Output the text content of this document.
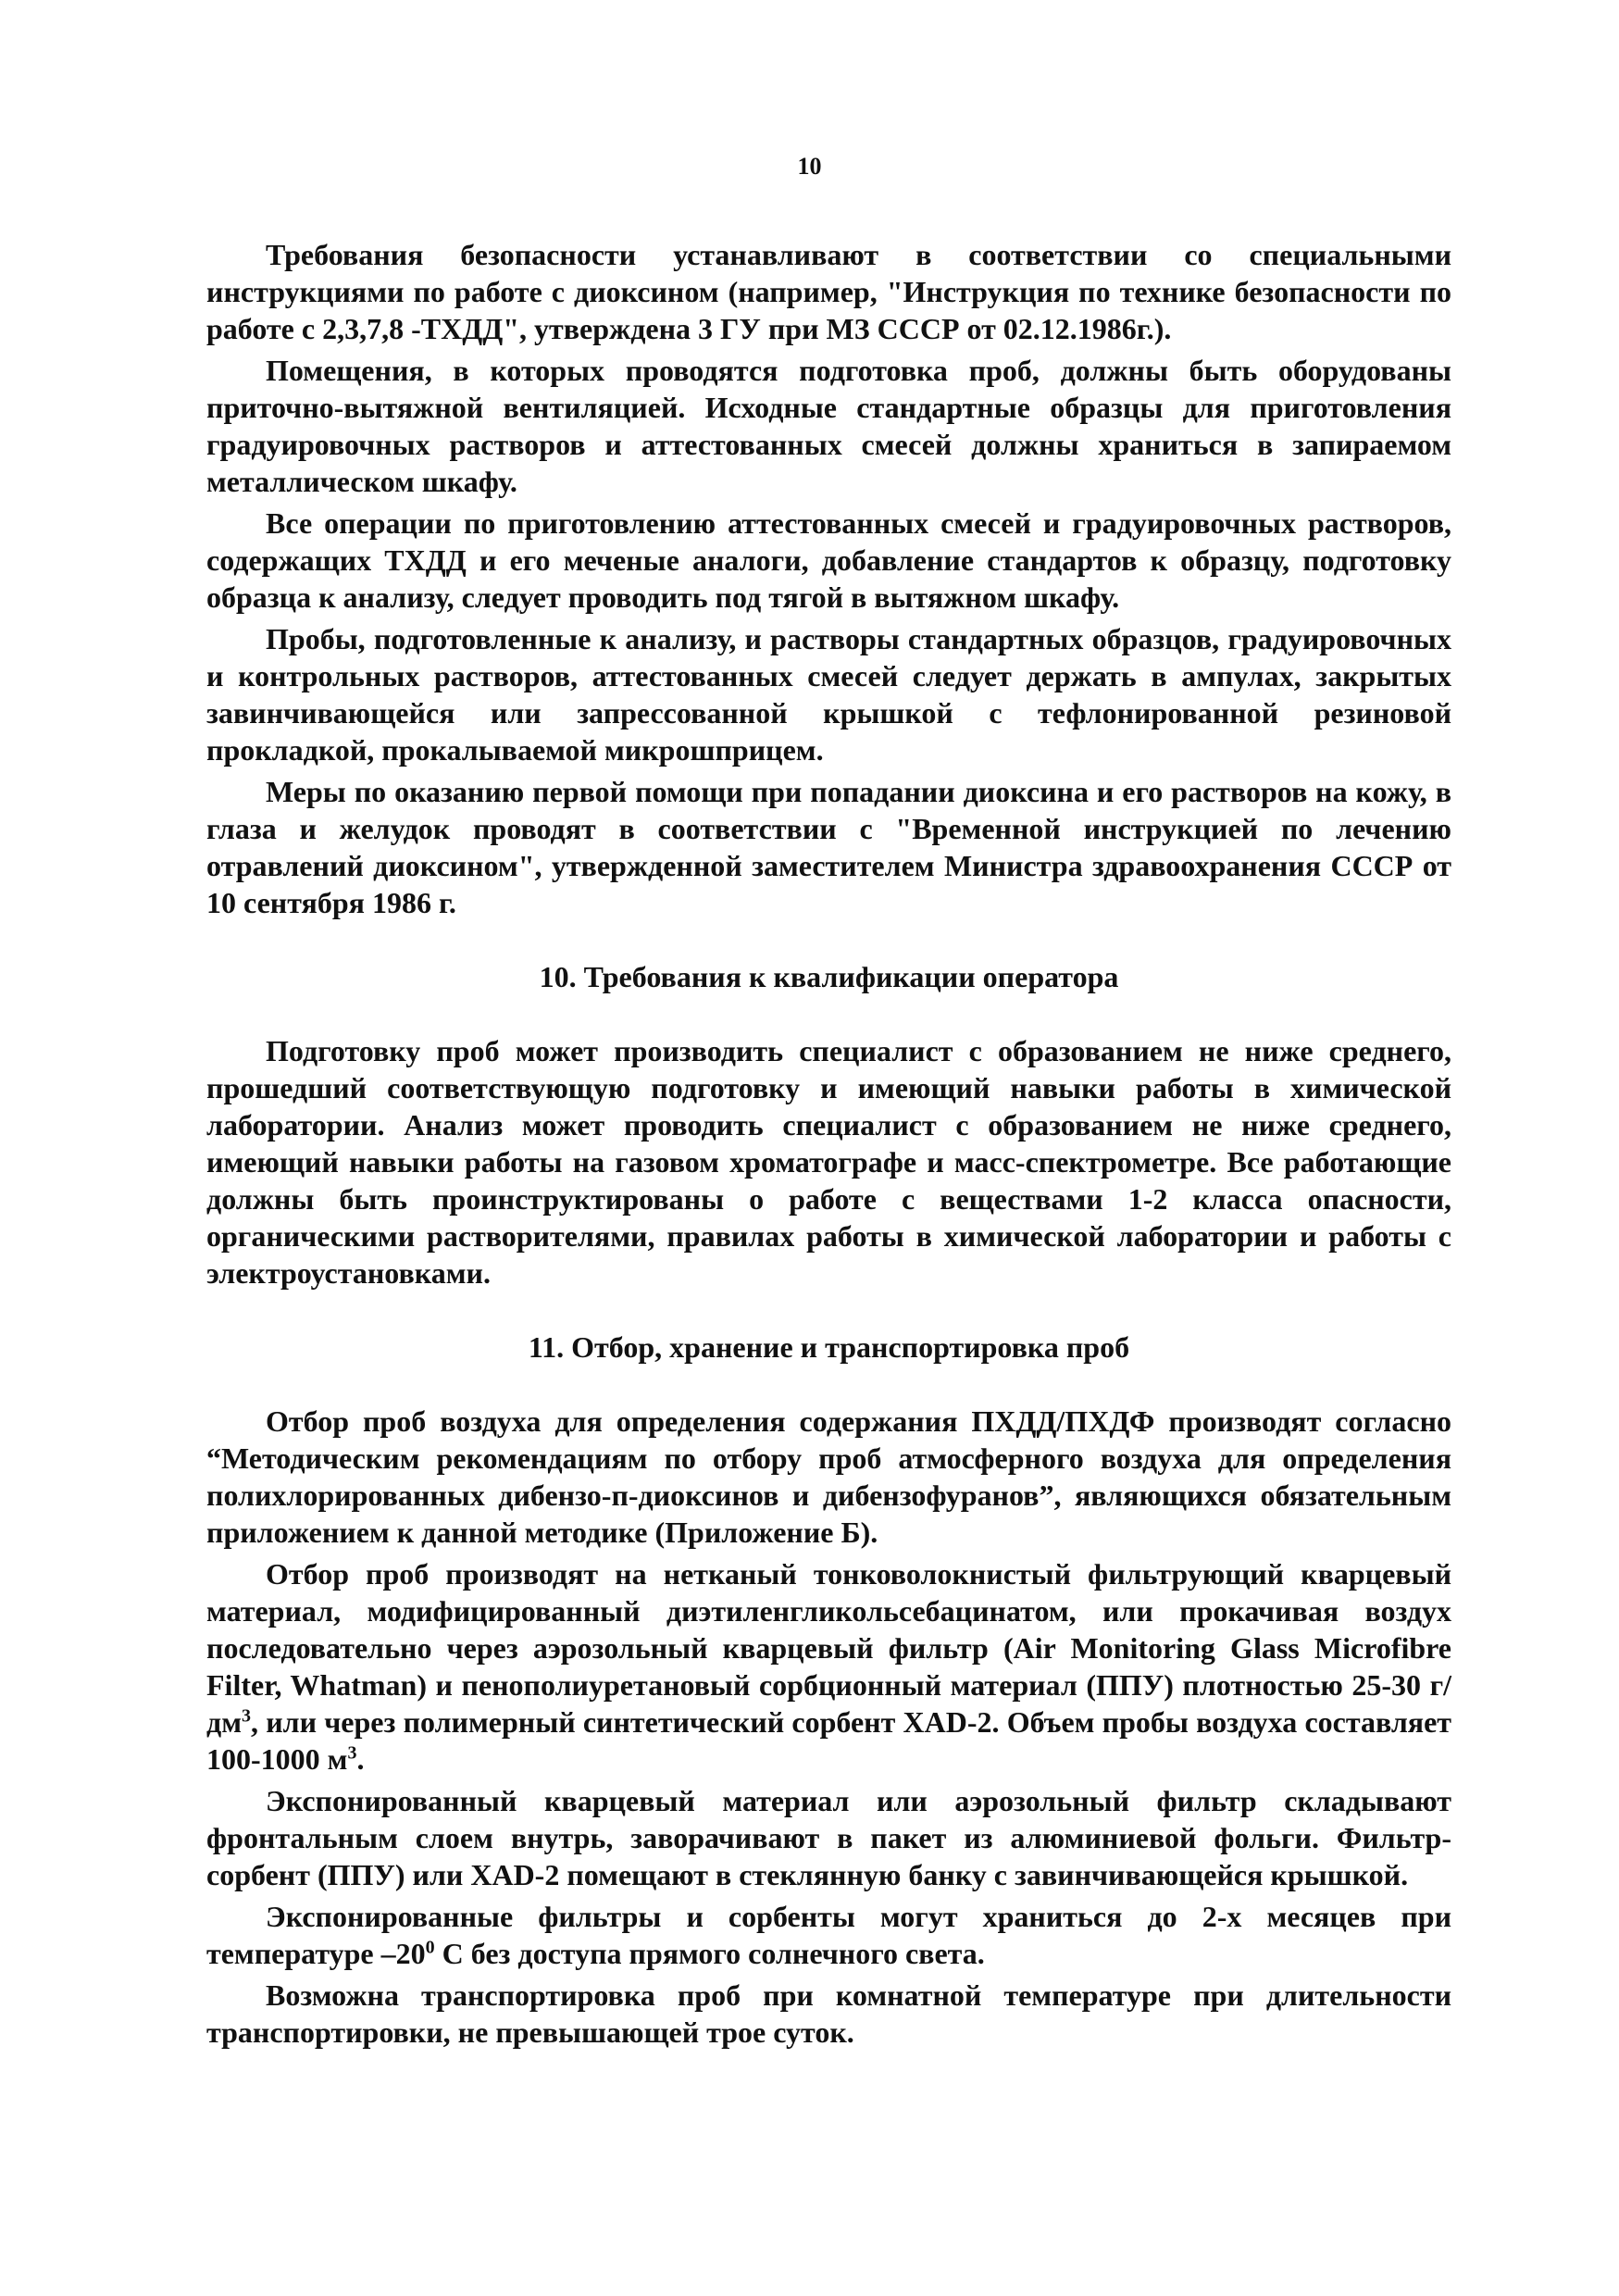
10

Требования безопасности устанавливают в соответствии со специальными инструкциями по работе с диоксином (например, "Инструкция по технике безопасности по работе с 2,3,7,8 -ТХДД", утверждена 3 ГУ при МЗ СССР от 02.12.1986г.).

Помещения, в которых проводятся подготовка проб, должны быть оборудованы приточно-вытяжной вентиляцией. Исходные стандартные образцы для приготовления градуировочных растворов и аттестованных смесей должны храниться в запираемом металлическом шкафу.

Все операции по приготовлению аттестованных смесей и градуировочных растворов, содержащих ТХДД и его меченые аналоги, добавление стандартов к образцу, подготовку образца к анализу, следует проводить под тягой в вытяжном шкафу.

Пробы, подготовленные к анализу, и растворы стандартных образцов, градуировочных и контрольных растворов, аттестованных смесей следует держать в ампулах, закрытых завинчивающейся или запрессованной крышкой с тефлонированной резиновой прокладкой, прокалываемой микрошприцем.

Меры по оказанию первой помощи при попадании диоксина и его растворов на кожу, в глаза и желудок проводят в соответствии с "Временной инструкцией по лечению отравлений диоксином", утвержденной заместителем Министра здравоохранения СССР от 10 сентября 1986 г.

10. Требования к квалификации оператора

Подготовку проб может производить специалист с образованием не ниже среднего, прошедший соответствующую подготовку и имеющий навыки работы в химической лаборатории. Анализ может проводить специалист с образованием не ниже среднего, имеющий навыки работы на газовом хроматографе и масс-спектрометре. Все работающие должны быть проинструктированы о работе с веществами 1-2 класса опасности, органическими растворителями, правилах работы в химической лаборатории и работы с электроустановками.

11. Отбор, хранение и транспортировка проб

Отбор проб воздуха для определения содержания ПХДД/ПХДФ производят согласно “Методическим рекомендациям по отбору проб атмосферного воздуха для определения полихлорированных дибензо-п-диоксинов и дибензофуранов”, являющихся обязательным приложением к данной методике (Приложение Б).

Отбор проб производят на нетканый тонковолокнистый фильтрующий кварцевый материал, модифицированный диэтиленгликольсебацинатом, или прокачивая воздух последовательно через аэрозольный кварцевый фильтр (Air Monitoring Glass Microfibre Filter, Whatman) и пенополиуретановый сорбционный материал (ППУ) плотностью 25-30 $г/дм^3$, или через полимерный синтетический сорбент XAD-2. Объем пробы воздуха составляет 100-1000 $м^3$.

Экспонированный кварцевый материал или аэрозольный фильтр складывают фронтальным слоем внутрь, заворачивают в пакет из алюминиевой фольги. Фильтр-сорбент (ППУ) или XAD-2 помещают в стеклянную банку с завинчивающейся крышкой.

Экспонированные фильтры и сорбенты могут храниться до 2-х месяцев при температуре $-20^0$ С без доступа прямого солнечного света.

Возможна транспортировка проб при комнатной температуре при длительности транспортировки, не превышающей трое суток.
